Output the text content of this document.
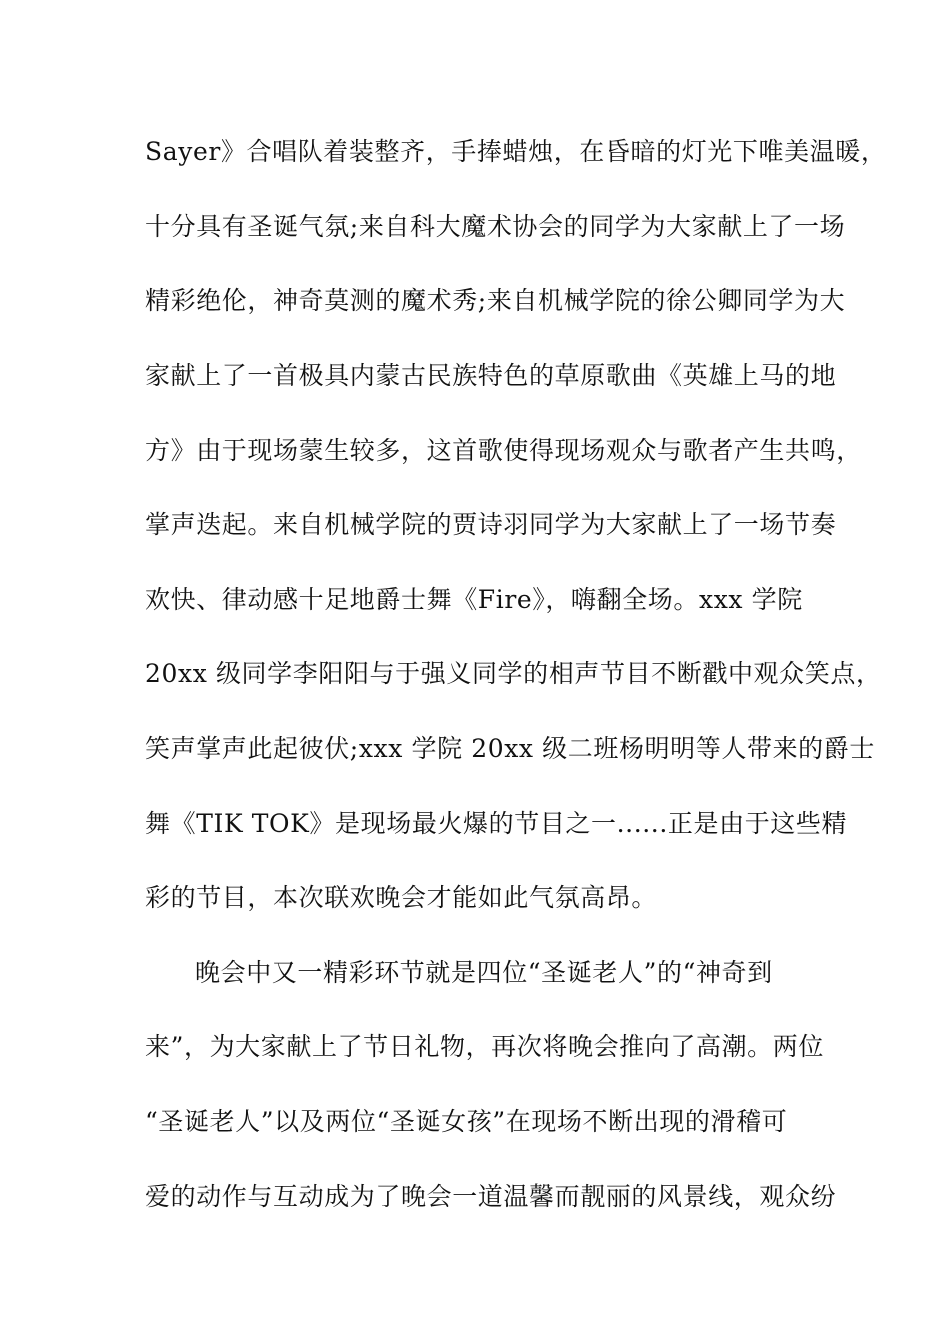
Sayer》合唱队着装整齐，手捧蜡烛，在昏暗的灯光下唯美温暖，
十分具有圣诞气氛;来自科大魔术协会的同学为大家献上了一场
精彩绝伦，神奇莫测的魔术秀;来自机械学院的徐公卿同学为大
家献上了一首极具内蒙古民族特色的草原歌曲《英雄上马的地
方》由于现场蒙生较多，这首歌使得现场观众与歌者产生共鸣，
掌声迭起。来自机械学院的贾诗羽同学为大家献上了一场节奏
欢快、律动感十足地爵士舞《Fire》，嗨翻全场。xxx 学院
20xx 级同学李阳阳与于强义同学的相声节目不断戳中观众笑点，
笑声掌声此起彼伏;xxx 学院 20xx 级二班杨明明等人带来的爵士
舞《TIK TOK》是现场最火爆的节目之一......正是由于这些精
彩的节目，本次联欢晚会才能如此气氛高昂。
晚会中又一精彩环节就是四位“圣诞老人”的“神奇到
来”，为大家献上了节日礼物，再次将晚会推向了高潮。两位
“圣诞老人”以及两位“圣诞女孩”在现场不断出现的滑稽可
爱的动作与互动成为了晚会一道温馨而靓丽的风景线，观众纷
